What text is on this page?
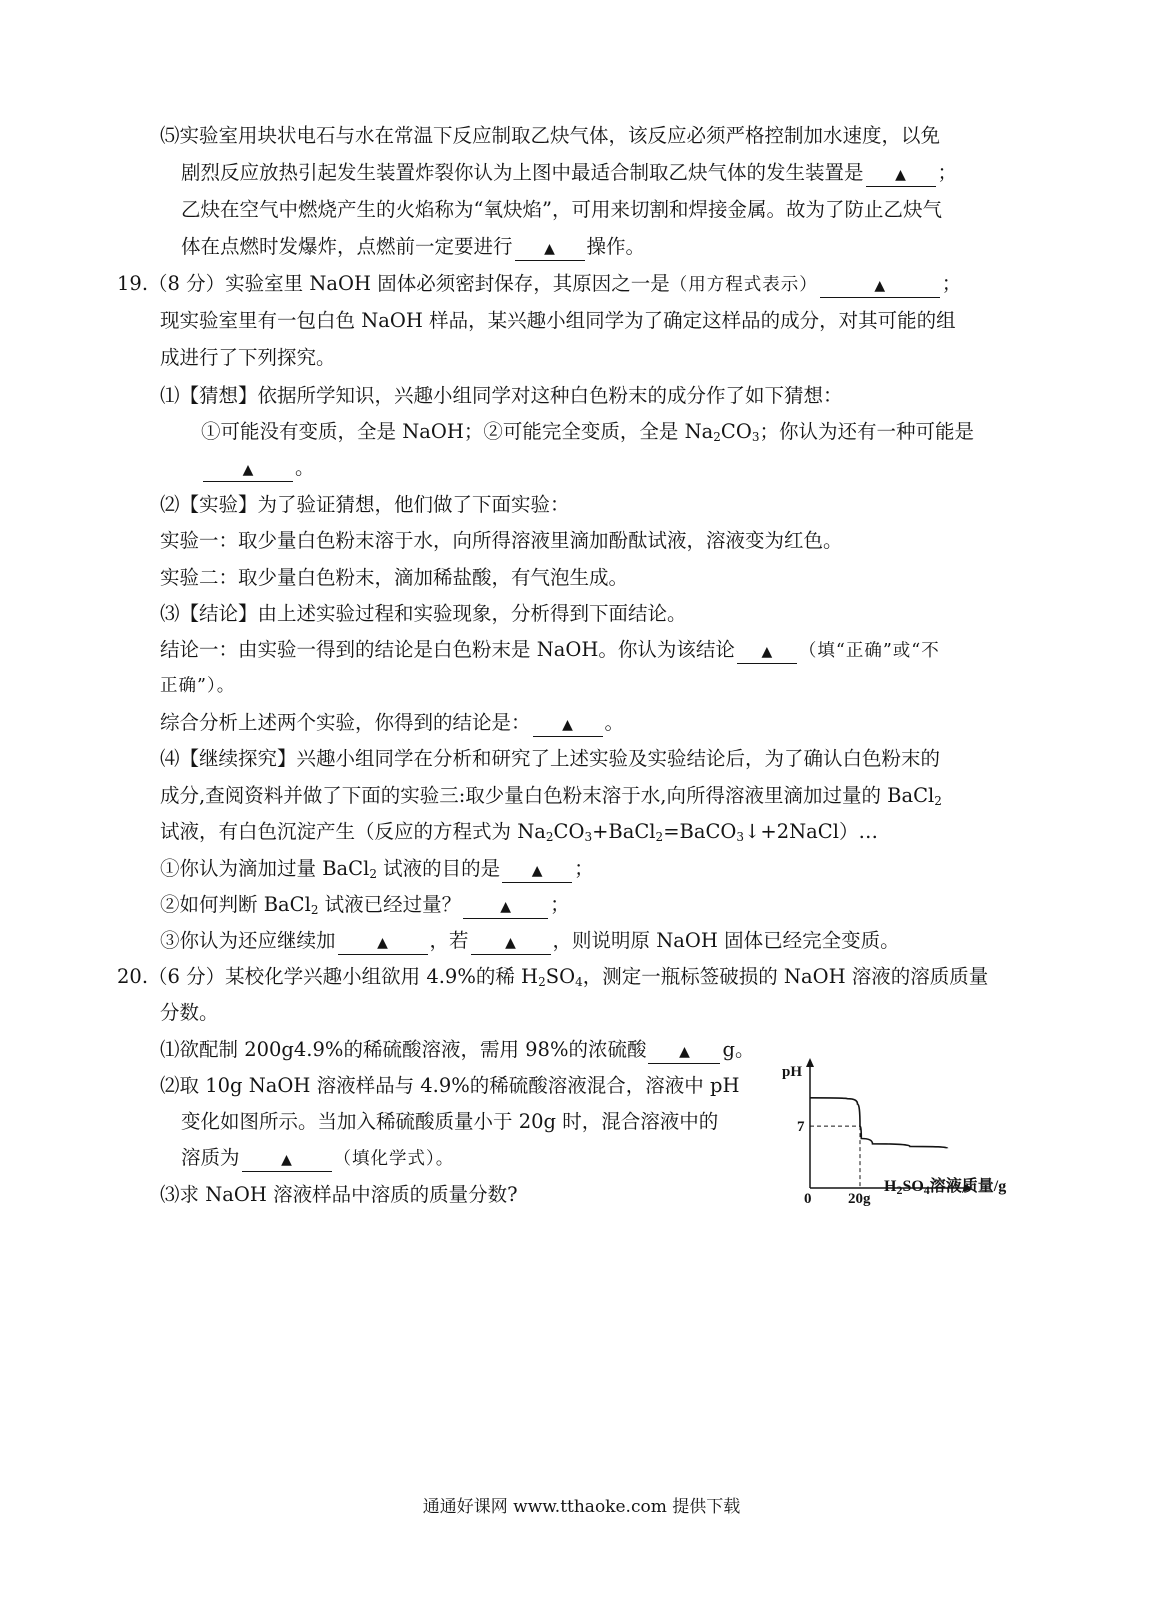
⑸实验室用块状电石与水在常温下反应制取乙炔气体，该反应必须严格控制加水速度，以免
剧烈反应放热引起发生装置炸裂你认为上图中最适合制取乙炔气体的发生装置是 ▲ ；
乙炔在空气中燃烧产生的火焰称为“氧炔焰”，可用来切割和焊接金属。故为了防止乙炔气
体在点燃时发爆炸，点燃前一定要进行 ▲ 操作。
19.（8 分）实验室里 NaOH 固体必须密封保存，其原因之一是（用方程式表示）	▲	；
现实验室里有一包白色 NaOH 样品，某兴趣小组同学为了确定这样品的成分，对其可能的组
成进行了下列探究。
⑴【猜想】依据所学知识，兴趣小组同学对这种白色粉末的成分作了如下猜想：
①可能没有变质，全是 NaOH；②可能完全变质，全是 $Na_2CO_3$；你认为还有一种可能是
▲ 。
⑵【实验】为了验证猜想，他们做了下面实验：
实验一：取少量白色粉末溶于水，向所得溶液里滴加酚酞试液，溶液变为红色。
实验二：取少量白色粉末，滴加稀盐酸，有气泡生成。
⑶【结论】由上述实验过程和实验现象，分析得到下面结论。
结论一：由实验一得到的结论是白色粉末是 NaOH。你认为该结论 ▲ （填“正确”或“不
正确”）。
综合分析上述两个实验，你得到的结论是： ▲ 。
⑷【继续探究】兴趣小组同学在分析和研究了上述实验及实验结论后，为了确认白色粉末的
成分,查阅资料并做了下面的实验三:取少量白色粉末溶于水,向所得溶液里滴加过量的 BaCl$_2$
试液，有白色沉淀产生（反应的方程式为 $Na_2CO_3+BaCl_2=BaCO_3↓+2NaCl)\dots$
①你认为滴加过量 BaCl$_2$ 试液的目的是 ▲ ；
②如何判断 BaCl$_2$ 试液已经过量？	▲ ；
③你认为还应继续加	▲ ，若	▲ ，则说明原 NaOH 固体已经完全变质。
20.（6 分）某校化学兴趣小组欲用 4.9%的稀 $H_2SO_4$，测定一瓶标签破损的 NaOH 溶液的溶质质量
分数。
⑴欲配制 200g4.9%的稀硫酸溶液，需用 98%的浓硫酸 ▲ g。
⑵取 10g NaOH 溶液样品与 4.9%的稀硫酸溶液混合，溶液中 pH
变化如图所示。当加入稀硫酸质量小于 20g 时，混合溶液中的
溶质为	▲ （填化学式）。
⑶求 NaOH 溶液样品中溶质的质量分数?
pH
7
0 20g
$H_2SO_4$溶液质量/g
通通好课网 www.tthaoke.com 提供下载
